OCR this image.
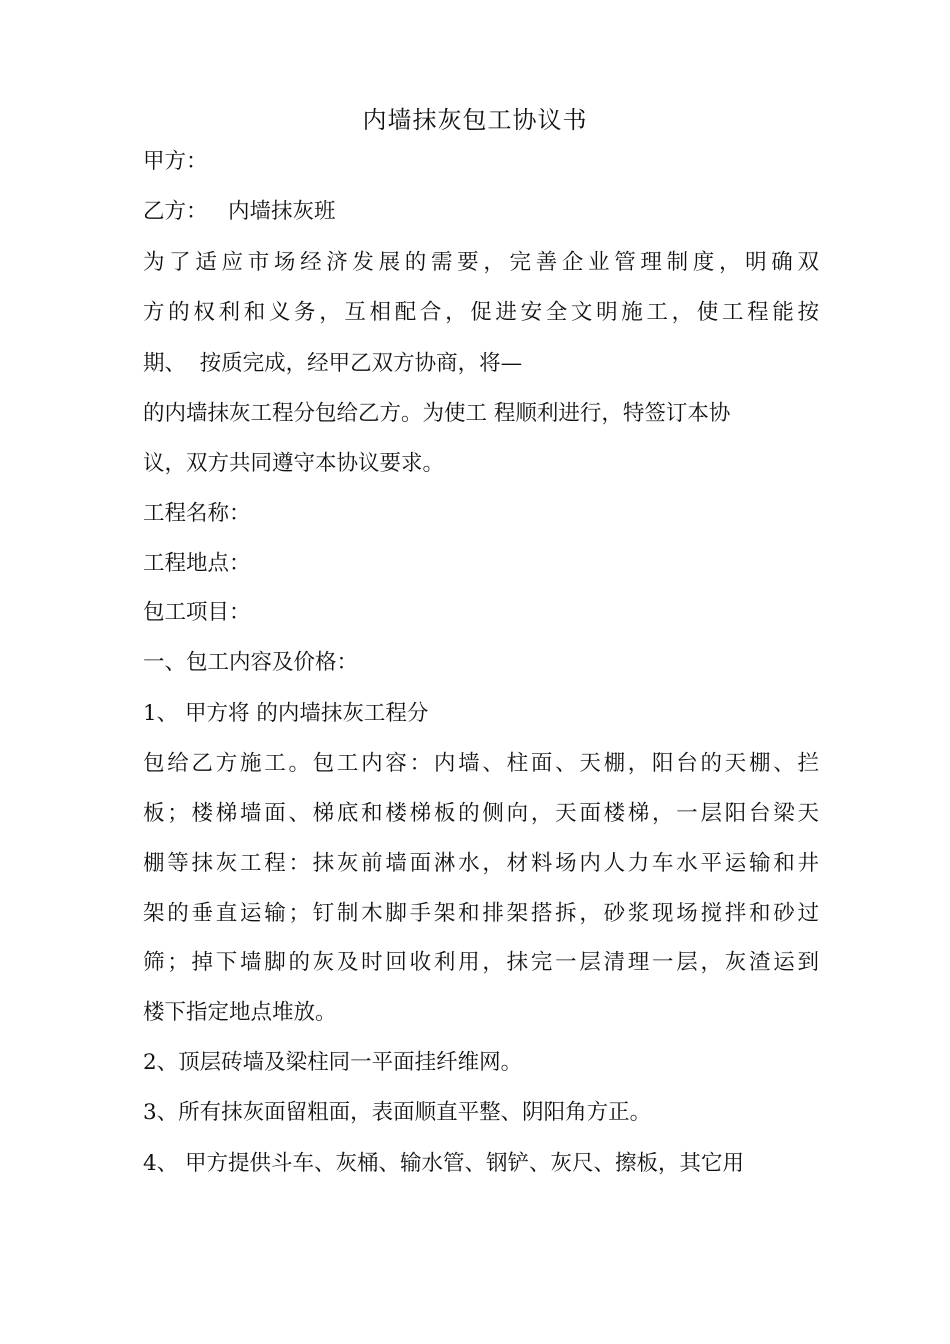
内墙抹灰包工协议书
甲方：
乙方：   内墙抹灰班
为了适应市场经济发展的需要，完善企业管理制度，明确双
方的权利和义务，互相配合，促进安全文明施工，使工程能按
期、  按质完成，经甲乙双方协商，将—
的内墙抹灰工程分包给乙方。为使工 程顺利进行，特签订本协
议，双方共同遵守本协议要求。
工程名称：
工程地点：
包工项目：
一、包工内容及价格：
1、 甲方将 的内墙抹灰工程分
包给乙方施工。包工内容：内墙、柱面、天棚，阳台的天棚、拦
板；楼梯墙面、梯底和楼梯板的侧向，天面楼梯，一层阳台梁天
棚等抹灰工程：抹灰前墙面淋水，材料场内人力车水平运输和井
架的垂直运输；钉制木脚手架和排架搭拆，砂浆现场搅拌和砂过
筛；掉下墙脚的灰及时回收利用，抹完一层清理一层，灰渣运到
楼下指定地点堆放。
2、顶层砖墙及梁柱同一平面挂纤维网。
3、所有抹灰面留粗面，表面顺直平整、阴阳角方正。
4、 甲方提供斗车、灰桶、输水管、钢铲、灰尺、擦板，其它用
